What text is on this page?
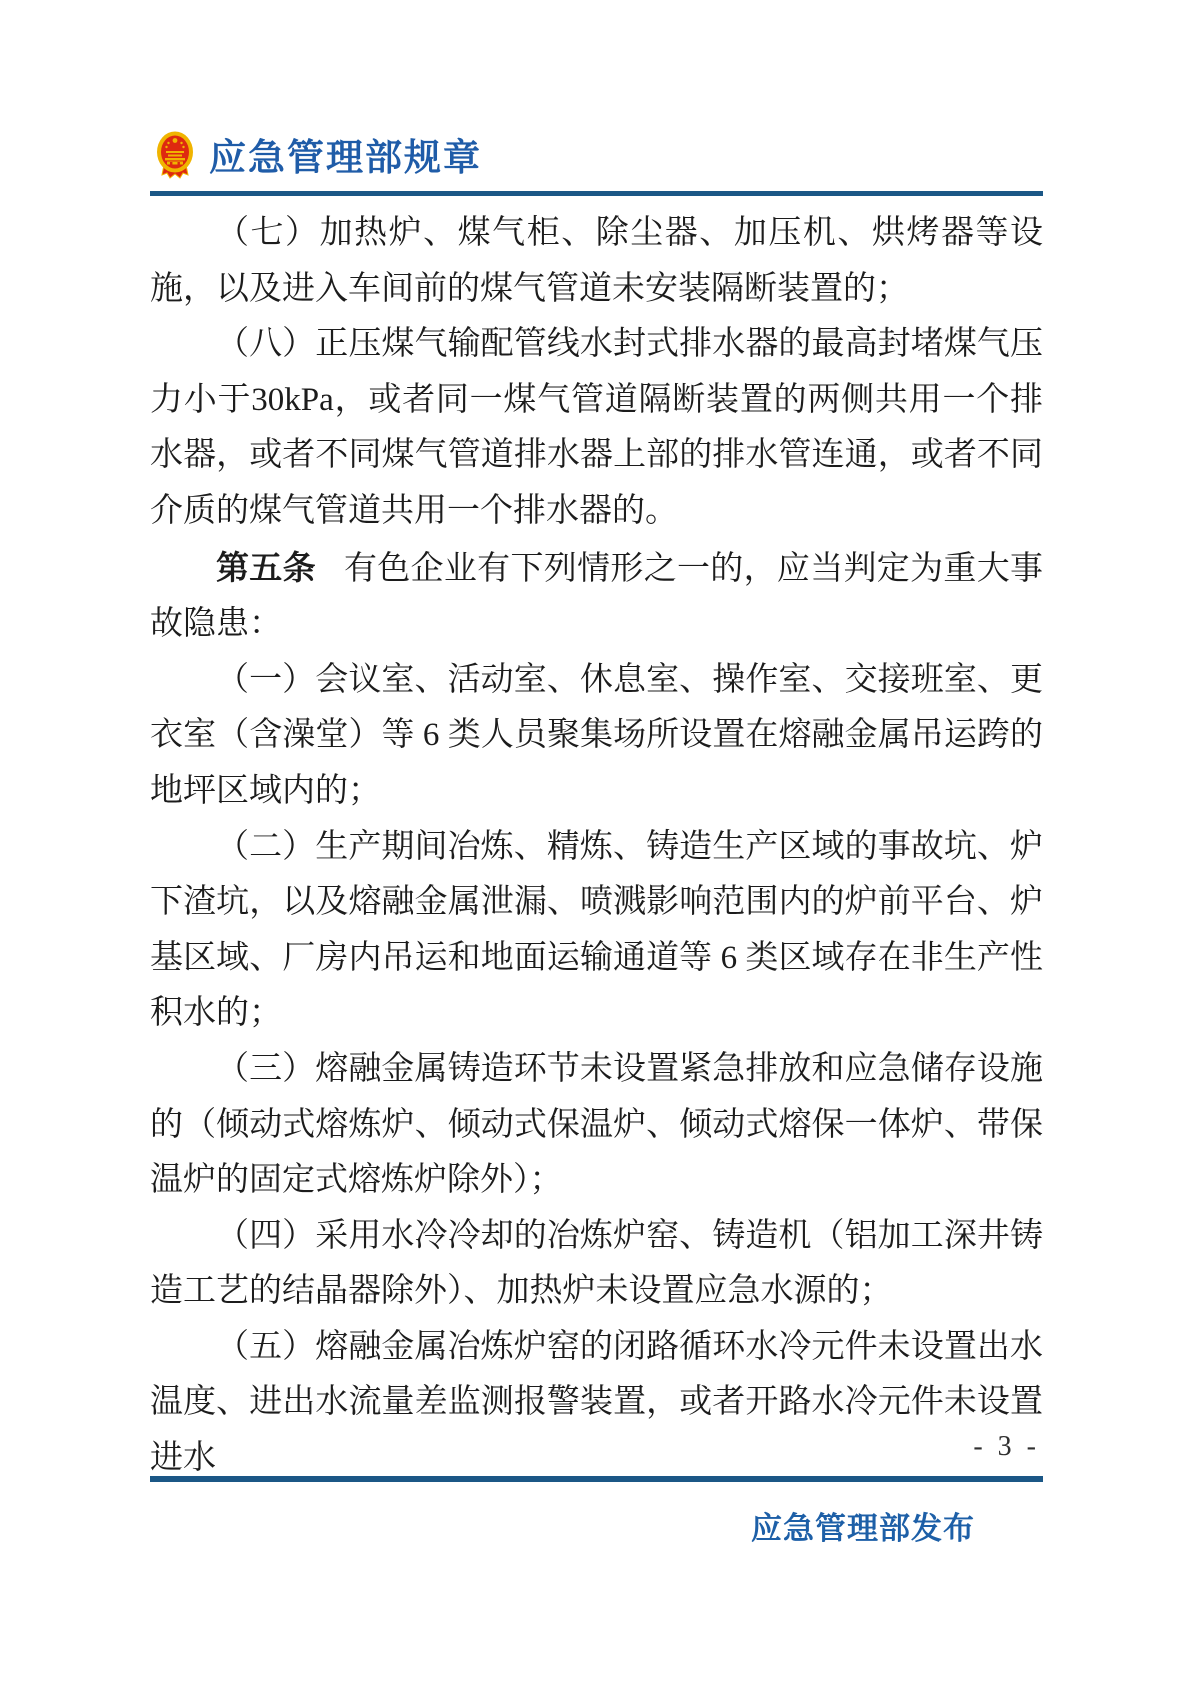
应急管理部规章

（七）加热炉、煤气柜、除尘器、加压机、烘烤器等设施，以及进入车间前的煤气管道未安装隔断装置的；

（八）正压煤气输配管线水封式排水器的最高封堵煤气压力小于30kPa，或者同一煤气管道隔断装置的两侧共用一个排水器，或者不同煤气管道排水器上部的排水管连通，或者不同介质的煤气管道共用一个排水器的。

第五条 有色企业有下列情形之一的，应当判定为重大事故隐患：

（一）会议室、活动室、休息室、操作室、交接班室、更衣室（含澡堂）等 6 类人员聚集场所设置在熔融金属吊运跨的地坪区域内的；

（二）生产期间冶炼、精炼、铸造生产区域的事故坑、炉下渣坑，以及熔融金属泄漏、喷溅影响范围内的炉前平台、炉基区域、厂房内吊运和地面运输通道等 6 类区域存在非生产性积水的；

（三）熔融金属铸造环节未设置紧急排放和应急储存设施的（倾动式熔炼炉、倾动式保温炉、倾动式熔保一体炉、带保温炉的固定式熔炼炉除外）；

（四）采用水冷冷却的冶炼炉窑、铸造机（铝加工深井铸造工艺的结晶器除外）、加热炉未设置应急水源的；

（五）熔融金属冶炼炉窑的闭路循环水冷元件未设置出水温度、进出水流量差监测报警装置，或者开路水冷元件未设置进水	- 3 -
应急管理部发布
